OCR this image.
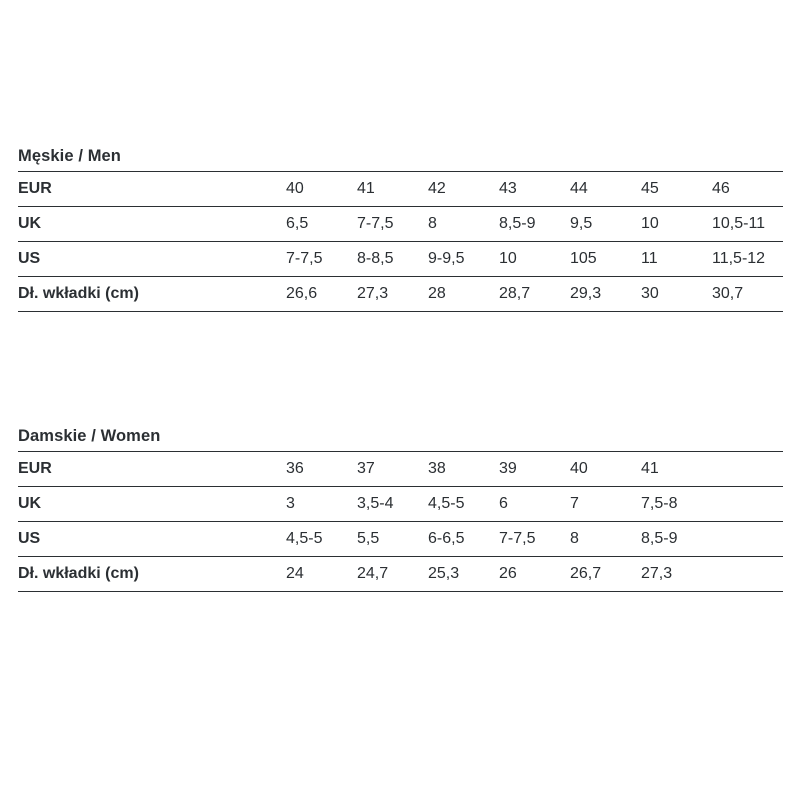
Męskie / Men
EUR	40	41	42	43	44	45	46
UK	6,5	7-7,5	8	8,5-9	9,5	10	10,5-11
US	7-7,5	8-8,5	9-9,5	10	105	11	11,5-12
Dł. wkładki (cm)	26,6	27,3	28	28,7	29,3	30	30,7
Damskie / Women
EUR	36	37	38	39	40	41	
UK	3	3,5-4	4,5-5	6	7	7,5-8	
US	4,5-5	5,5	6-6,5	7-7,5	8	8,5-9	
Dł. wkładki (cm)	24	24,7	25,3	26	26,7	27,3	
